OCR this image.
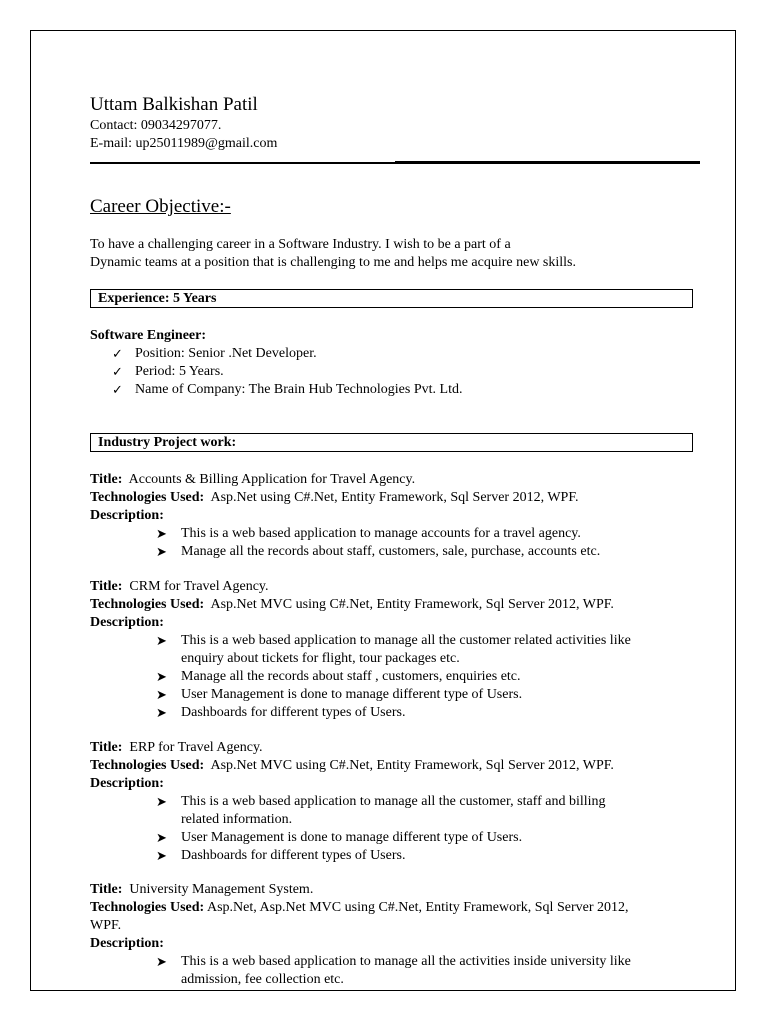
Uttam Balkishan Patil
Contact: 09034297077.
E-mail: up25011989@gmail.com
Career Objective:-
To have a challenging career in a Software Industry. I wish to be a part of a
Dynamic teams at a position that is challenging to me and helps me acquire new skills.
Experience: 5 Years
Software Engineer:
✓ Position: Senior .Net Developer.
✓ Period: 5 Years.
✓ Name of Company: The Brain Hub Technologies Pvt. Ltd.
Industry Project work:
Title: Accounts & Billing Application for Travel Agency.
Technologies Used: Asp.Net using C#.Net, Entity Framework, Sql Server 2012, WPF.
Description:
➤ This is a web based application to manage accounts for a travel agency.
➤ Manage all the records about staff, customers, sale, purchase, accounts etc.
Title: CRM for Travel Agency.
Technologies Used: Asp.Net MVC using C#.Net, Entity Framework, Sql Server 2012, WPF.
Description:
➤ This is a web based application to manage all the customer related activities like
enquiry about tickets for flight, tour packages etc.
➤ Manage all the records about staff , customers, enquiries etc.
➤ User Management is done to manage different type of Users.
➤ Dashboards for different types of Users.
Title: ERP for Travel Agency.
Technologies Used: Asp.Net MVC using C#.Net, Entity Framework, Sql Server 2012, WPF.
Description:
➤ This is a web based application to manage all the customer, staff and billing
related information.
➤ User Management is done to manage different type of Users.
➤ Dashboards for different types of Users.
Title: University Management System.
Technologies Used: Asp.Net, Asp.Net MVC using C#.Net, Entity Framework, Sql Server 2012,
WPF.
Description:
➤ This is a web based application to manage all the activities inside university like
admission, fee collection etc.
